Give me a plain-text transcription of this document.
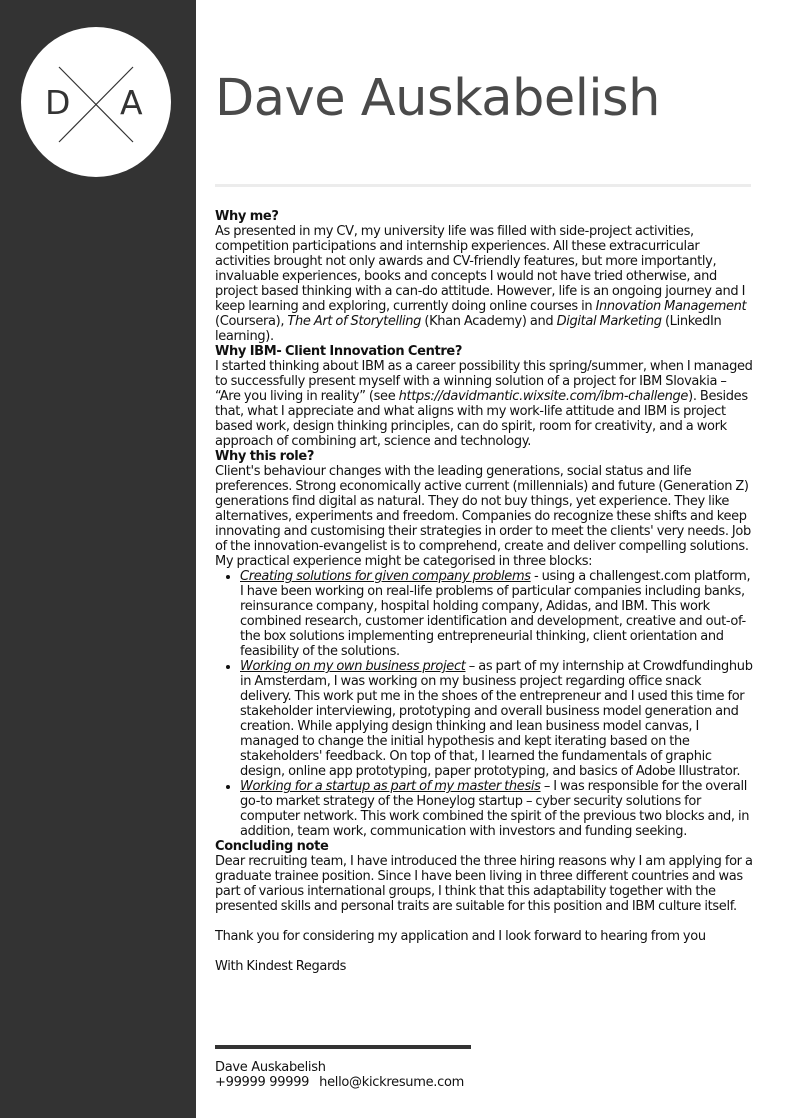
D A Dave Auskabelish

Why me?

As presented in my CV, my university life was filled with side-project activities, competition participations and internship experiences. All these extracurricular activities brought not only awards and CV-friendly features, but more importantly, invaluable experiences, books and concepts I would not have tried otherwise, and project based thinking with a can-do attitude. However, life is an ongoing journey and I keep learning and exploring, currently doing online courses in Innovation Management (Coursera), The Art of Storytelling (Khan Academy) and Digital Marketing (LinkedIn learning).

Why IBM- Client Innovation Centre?

I started thinking about IBM as a career possibility this spring/summer, when I managed to successfully present myself with a winning solution of a project for IBM Slovakia – “Are you living in reality” (see https://davidmantic.wixsite.com/ibm-challenge). Besides that, what I appreciate and what aligns with my work-life attitude and IBM is project based work, design thinking principles, can do spirit, room for creativity, and a work approach of combining art, science and technology.

Why this role?

Client's behaviour changes with the leading generations, social status and life preferences. Strong economically active current (millennials) and future (Generation Z) generations find digital as natural. They do not buy things, yet experience. They like alternatives, experiments and freedom. Companies do recognize these shifts and keep innovating and customising their strategies in order to meet the clients' very needs. Job of the innovation-evangelist is to comprehend, create and deliver compelling solutions.

My practical experience might be categorised in three blocks:

• Creating solutions for given company problems - using a challengest.com platform, I have been working on real-life problems of particular companies including banks, reinsurance company, hospital holding company, Adidas, and IBM. This work combined research, customer identification and development, creative and out-of-the box solutions implementing entrepreneurial thinking, client orientation and feasibility of the solutions.
• Working on my own business project – as part of my internship at Crowdfundinghub in Amsterdam, I was working on my business project regarding office snack delivery. This work put me in the shoes of the entrepreneur and I used this time for stakeholder interviewing, prototyping and overall business model generation and creation. While applying design thinking and lean business model canvas, I managed to change the initial hypothesis and kept iterating based on the stakeholders' feedback. On top of that, I learned the fundamentals of graphic design, online app prototyping, paper prototyping, and basics of Adobe Illustrator.
• Working for a startup as part of my master thesis – I was responsible for the overall go-to market strategy of the Honeylog startup – cyber security solutions for computer network. This work combined the spirit of the previous two blocks and, in addition, team work, communication with investors and funding seeking.

Concluding note

Dear recruiting team, I have introduced the three hiring reasons why I am applying for a graduate trainee position. Since I have been living in three different countries and was part of various international groups, I think that this adaptability together with the presented skills and personal traits are suitable for this position and IBM culture itself.

Thank you for considering my application and I look forward to hearing from you

With Kindest Regards

Dave Auskabelish
+99999 99999 hello@kickresume.com
